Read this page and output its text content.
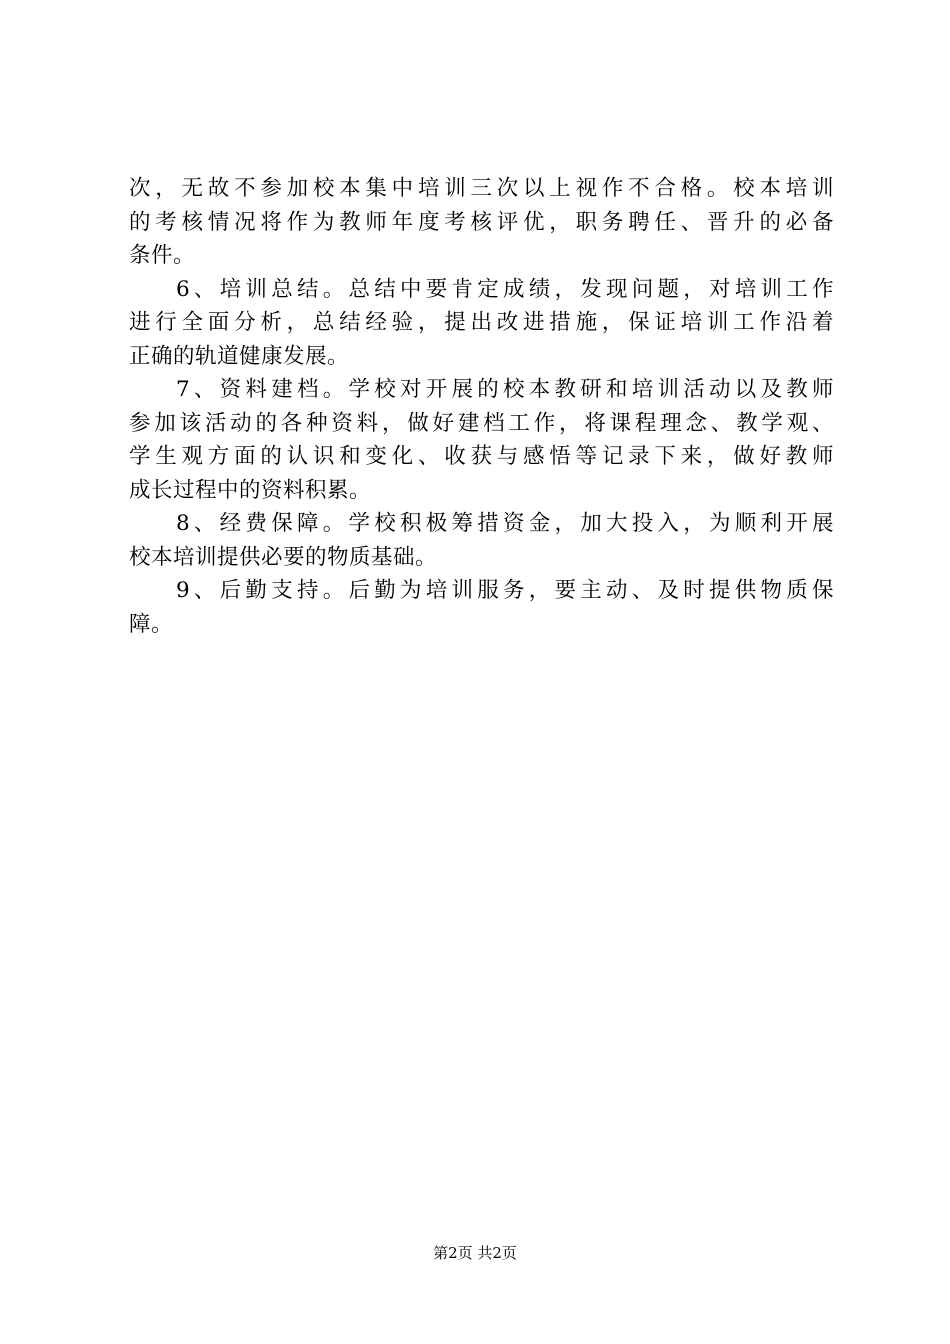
次，无故不参加校本集中培训三次以上视作不合格。校本培训
的考核情况将作为教师年度考核评优，职务聘任、晋升的必备
条件。
6、培训总结。总结中要肯定成绩，发现问题，对培训工作
进行全面分析，总结经验，提出改进措施，保证培训工作沿着
正确的轨道健康发展。
7、资料建档。学校对开展的校本教研和培训活动以及教师
参加该活动的各种资料，做好建档工作，将课程理念、教学观、
学生观方面的认识和变化、收获与感悟等记录下来，做好教师
成长过程中的资料积累。
8、经费保障。学校积极筹措资金，加大投入，为顺利开展
校本培训提供必要的物质基础。
9、后勤支持。后勤为培训服务，要主动、及时提供物质保
障。
第2页 共2页
